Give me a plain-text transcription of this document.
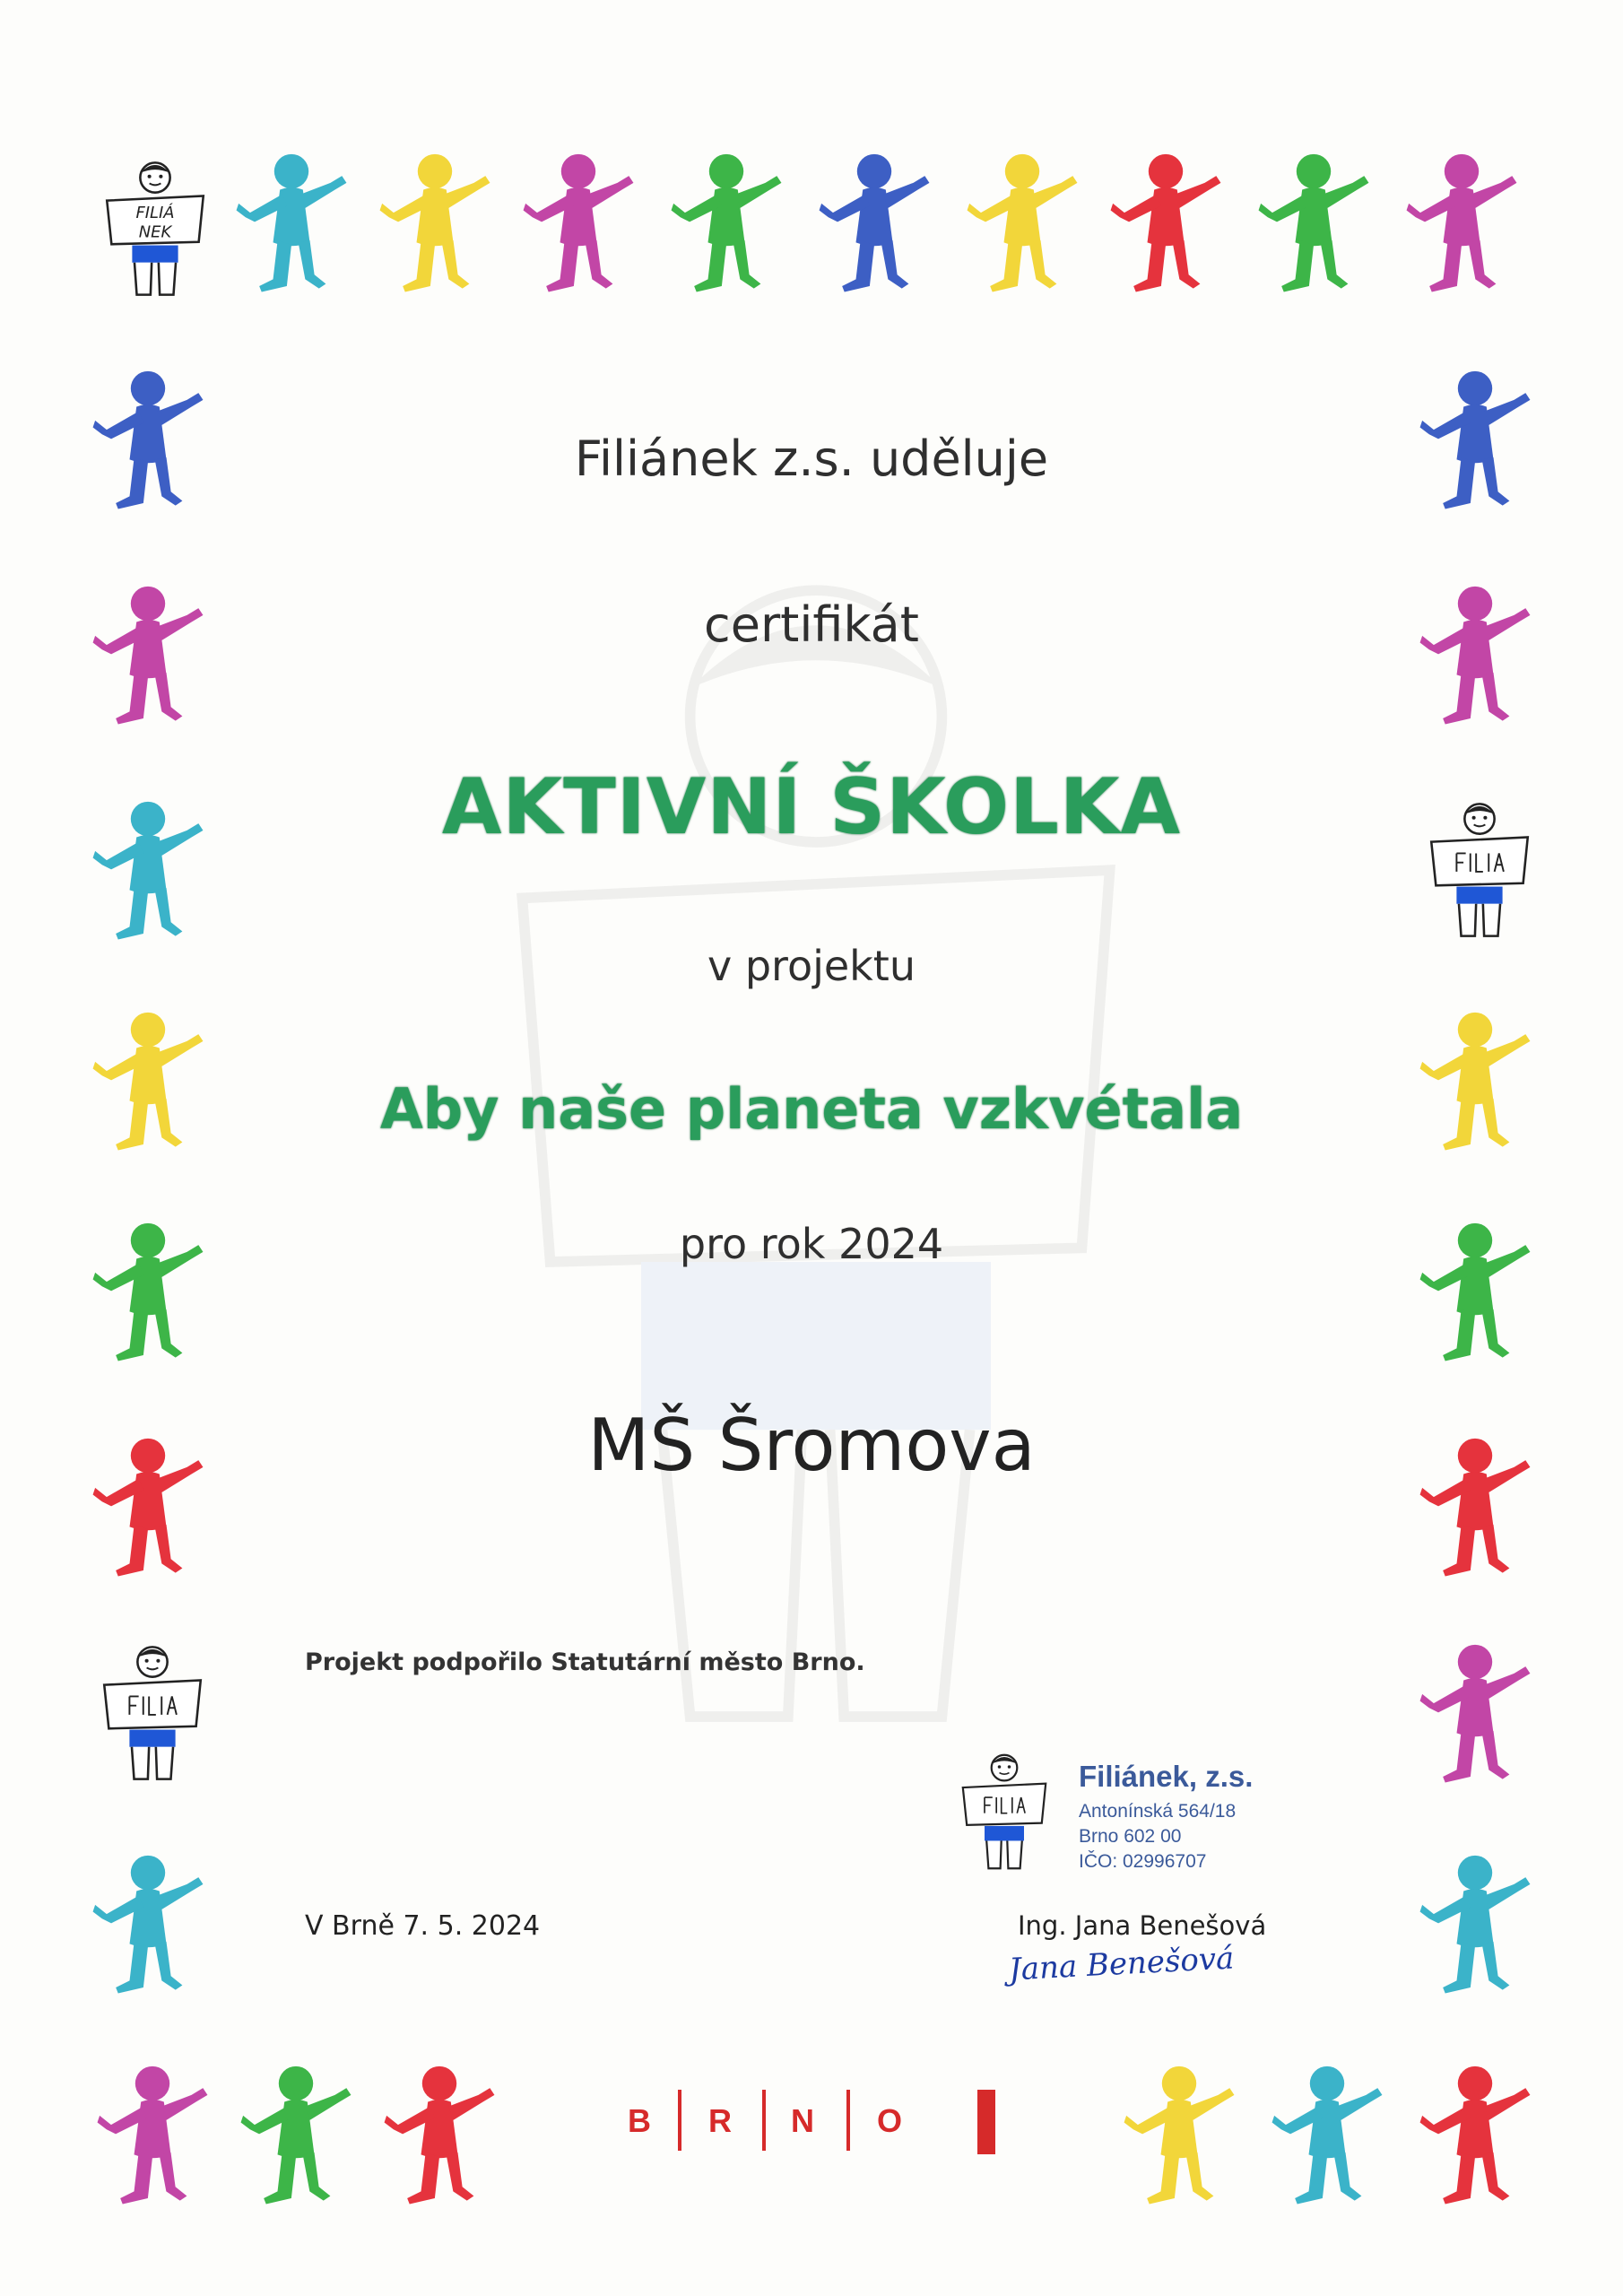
FILIÁ
NEK
Filiánek z.s. uděluje
certifikát
AKTIVNÍ ŠKOLKA
v projektu
Aby naše planeta vzkvétala
pro rok 2024
MŠ Šromova
Projekt podpořilo Statutární město Brno.
Filiánek, z.s.
Antonínská 564/18
Brno 602 00
IČO: 02996707
V Brně 7. 5. 2024	Ing. Jana Benešová
Jana Benešová
B R N O
